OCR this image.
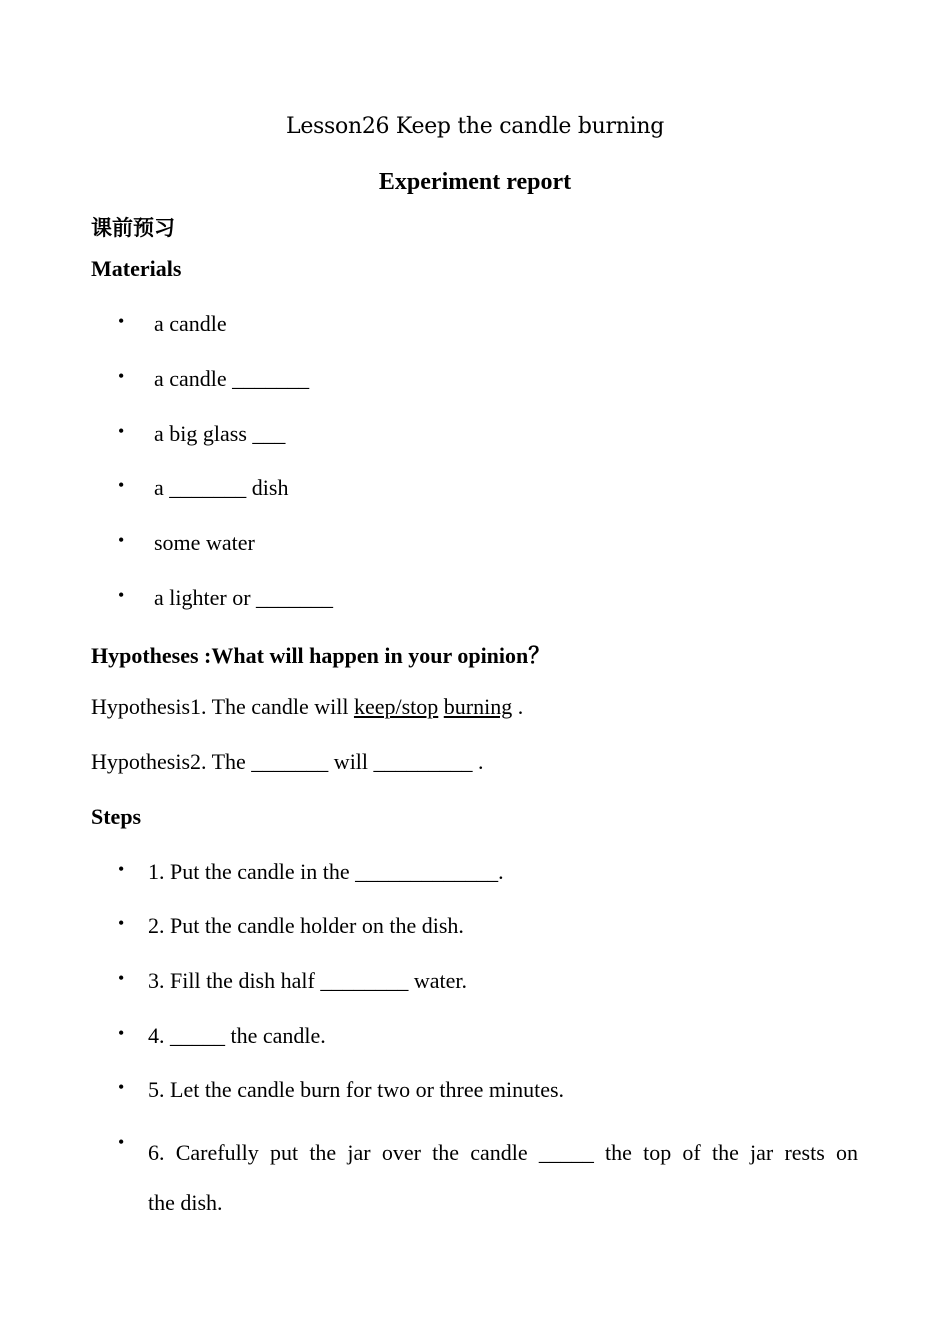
Lesson26 Keep the candle burning
Experiment report
课前预习
Materials
• a candle
• a candle _______
• a big glass ___
• a _______ dish
• some water
• a lighter or _______
Hypotheses :What will happen in your opinion？
Hypothesis1. The candle will keep/stop burning .
Hypothesis2. The _______ will _________ .
Steps
• 1. Put the candle in the _____________.
• 2. Put the candle holder on the dish.
• 3. Fill the dish half ________ water.
• 4. _____ the candle.
• 5. Let the candle burn for two or three minutes.
• 6. Carefully put the jar over the candle _____ the top of the jar rests on
the dish.
